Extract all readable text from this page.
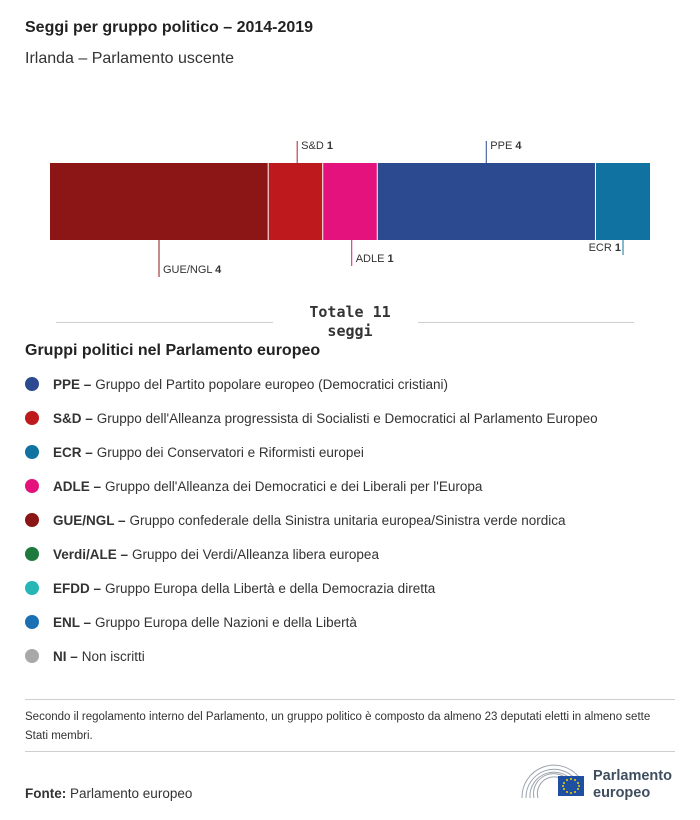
Seggi per gruppo politico – 2014-2019
Irlanda – Parlamento uscente
GUE/NGL 4
S&D 1
ADLE 1
PPE 4
ECR 1
Totale 11
seggi
Gruppi politici nel Parlamento europeo
PPE – Gruppo del Partito popolare europeo (Democratici cristiani)
S&D – Gruppo dell'Alleanza progressista di Socialisti e Democratici al Parlamento Europeo
ECR – Gruppo dei Conservatori e Riformisti europei
ADLE – Gruppo dell'Alleanza dei Democratici e dei Liberali per l'Europa
GUE/NGL – Gruppo confederale della Sinistra unitaria europea/Sinistra verde nordica
Verdi/ALE – Gruppo dei Verdi/Alleanza libera europea
EFDD – Gruppo Europa della Libertà e della Democrazia diretta
ENL – Gruppo Europa delle Nazioni e della Libertà
NI – Non iscritti
Secondo il regolamento interno del Parlamento, un gruppo politico è composto da almeno 23 deputati eletti in almeno sette Stati membri.
Fonte: Parlamento europeo
Parlamento
europeo
